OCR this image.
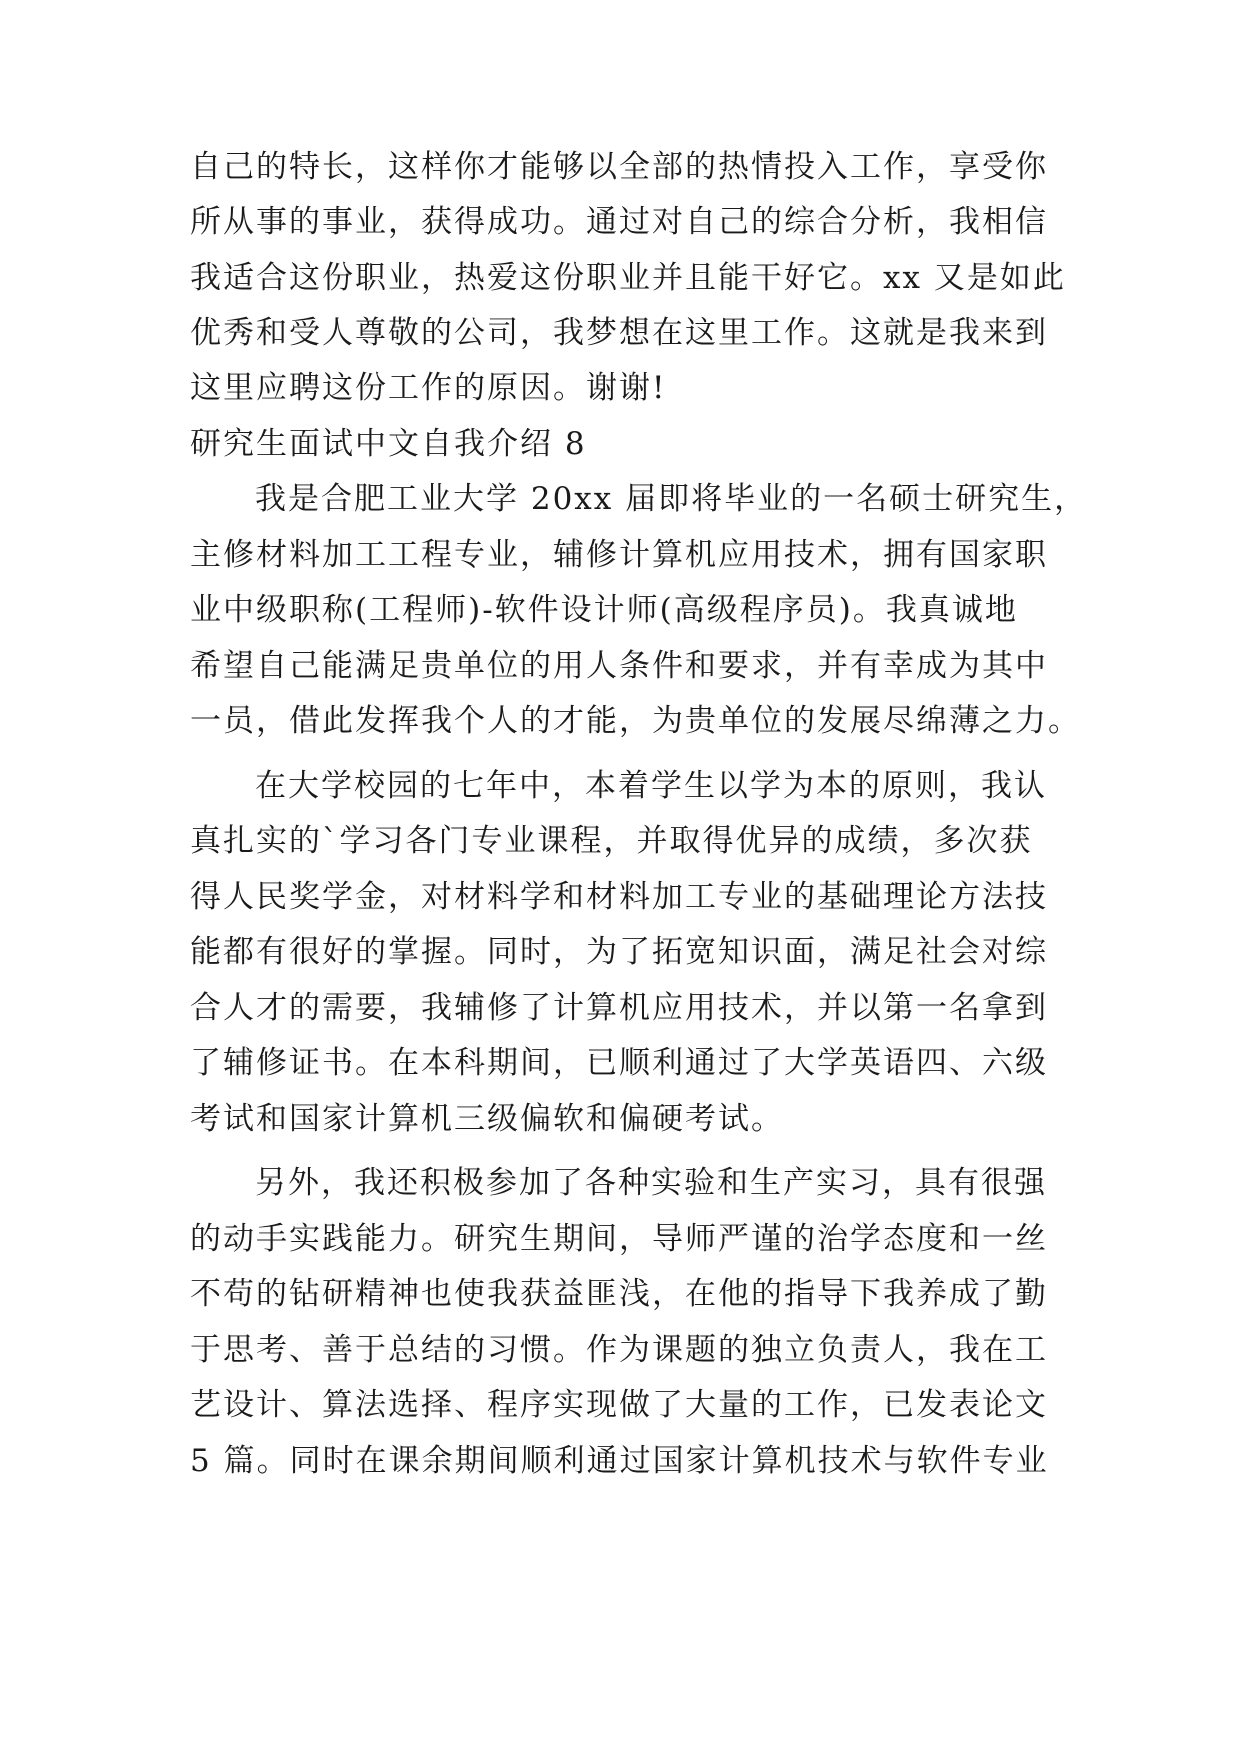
自己的特长，这样你才能够以全部的热情投入工作，享受你
所从事的事业，获得成功。通过对自己的综合分析，我相信
我适合这份职业，热爱这份职业并且能干好它。xx 又是如此
优秀和受人尊敬的公司，我梦想在这里工作。这就是我来到
这里应聘这份工作的原因。谢谢!
研究生面试中文自我介绍 8
我是合肥工业大学 20xx 届即将毕业的一名硕士研究生，
主修材料加工工程专业，辅修计算机应用技术，拥有国家职
业中级职称(工程师)-软件设计师(高级程序员)。我真诚地
希望自己能满足贵单位的用人条件和要求，并有幸成为其中
一员，借此发挥我个人的才能，为贵单位的发展尽绵薄之力。
在大学校园的七年中，本着学生以学为本的原则，我认
真扎实的`学习各门专业课程，并取得优异的成绩，多次获
得人民奖学金，对材料学和材料加工专业的基础理论方法技
能都有很好的掌握。同时，为了拓宽知识面，满足社会对综
合人才的需要，我辅修了计算机应用技术，并以第一名拿到
了辅修证书。在本科期间，已顺利通过了大学英语四、六级
考试和国家计算机三级偏软和偏硬考试。
另外，我还积极参加了各种实验和生产实习，具有很强
的动手实践能力。研究生期间，导师严谨的治学态度和一丝
不苟的钻研精神也使我获益匪浅，在他的指导下我养成了勤
于思考、善于总结的习惯。作为课题的独立负责人，我在工
艺设计、算法选择、程序实现做了大量的工作，已发表论文
5 篇。同时在课余期间顺利通过国家计算机技术与软件专业
